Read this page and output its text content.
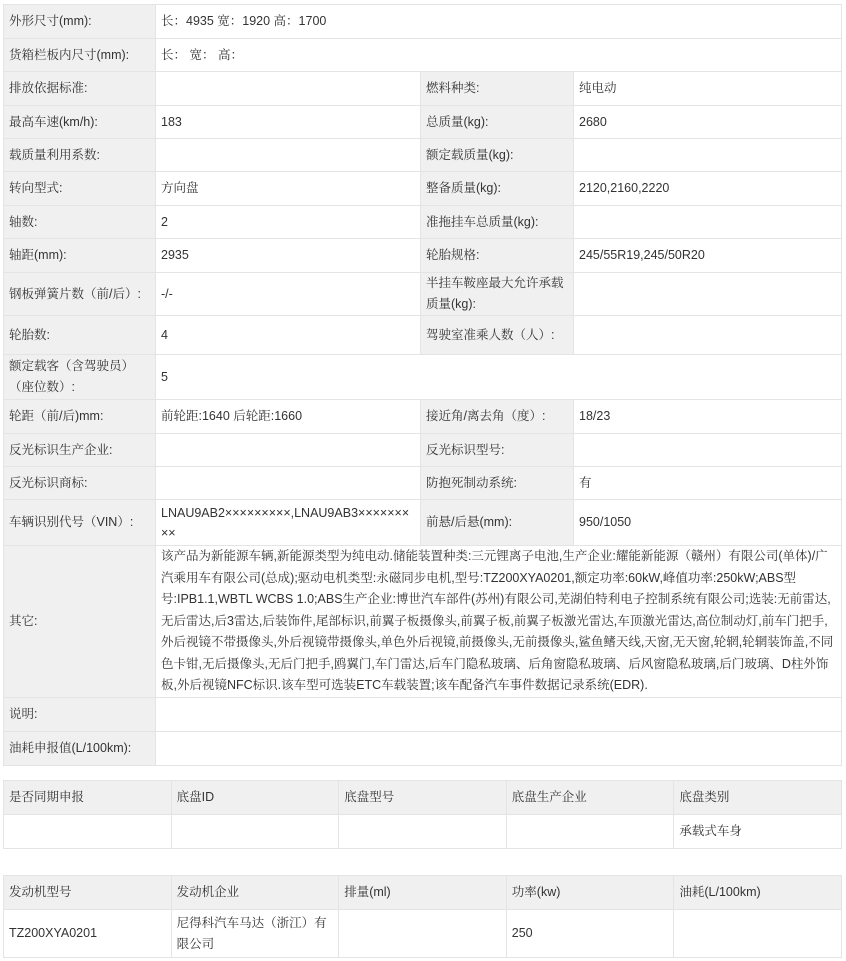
外形尺寸(mm):	长：4935 宽：1920 高：1700		
货箱栏板内尺寸(mm):	长： 宽： 高：		
排放依据标准:		燃料种类:	纯电动
最高车速(km/h):	183	总质量(kg):	2680
载质量利用系数:		额定载质量(kg):	
转向型式:	方向盘	整备质量(kg):	2120,2160,2220
轴数:	2	准拖挂车总质量(kg):	
轴距(mm):	2935	轮胎规格:	245/55R19,245/50R20
钢板弹簧片数（前/后）:	-/-	半挂车鞍座最大允许承载质量(kg):	
轮胎数:	4	驾驶室准乘人数（人）:	
额定载客（含驾驶员）（座位数）:	5		
轮距（前/后)mm:	前轮距:1640 后轮距:1660	接近角/离去角（度）:	18/23
反光标识生产企业:		反光标识型号:	
反光标识商标:		防抱死制动系统:	有
车辆识别代号（VIN）:	LNAU9AB2×××××××××,LNAU9AB3×××××××××	前悬/后悬(mm):	950/1050
其它:	该产品为新能源车辆,新能源类型为纯电动.储能装置种类:三元锂离子电池,生产企业:耀能新能源（赣州）有限公司(单体)/广汽乘用车有限公司(总成);驱动电机类型:永磁同步电机,型号:TZ200XYA0201,额定功率:60kW,峰值功率:250kW;ABS型号:IPB1.1,WBTL WCBS 1.0;ABS生产企业:博世汽车部件(苏州)有限公司,芜湖伯特利电子控制系统有限公司;选装:无前雷达,无后雷达,后3雷达,后装饰件,尾部标识,前翼子板摄像头,前翼子板,前翼子板激光雷达,车顶激光雷达,高位制动灯,前车门把手,外后视镜不带摄像头,外后视镜带摄像头,单色外后视镜,前摄像头,无前摄像头,鲨鱼鳍天线,天窗,无天窗,轮辋,轮辋装饰盖,不同色卡钳,无后摄像头,无后门把手,鸥翼门,车门雷达,后车门隐私玻璃、后角窗隐私玻璃、后风窗隐私玻璃,后门玻璃、D柱外饰板,外后视镜NFC标识.该车型可选装ETC车载装置;该车配备汽车事件数据记录系统(EDR).		
说明:			
油耗申报值(L/100km):			
是否同期申报	底盘ID	底盘型号	底盘生产企业	底盘类别
				承载式车身
发动机型号	发动机企业	排量(ml)	功率(kw)	油耗(L/100km)
TZ200XYA0201	尼得科汽车马达（浙江）有限公司		250	
